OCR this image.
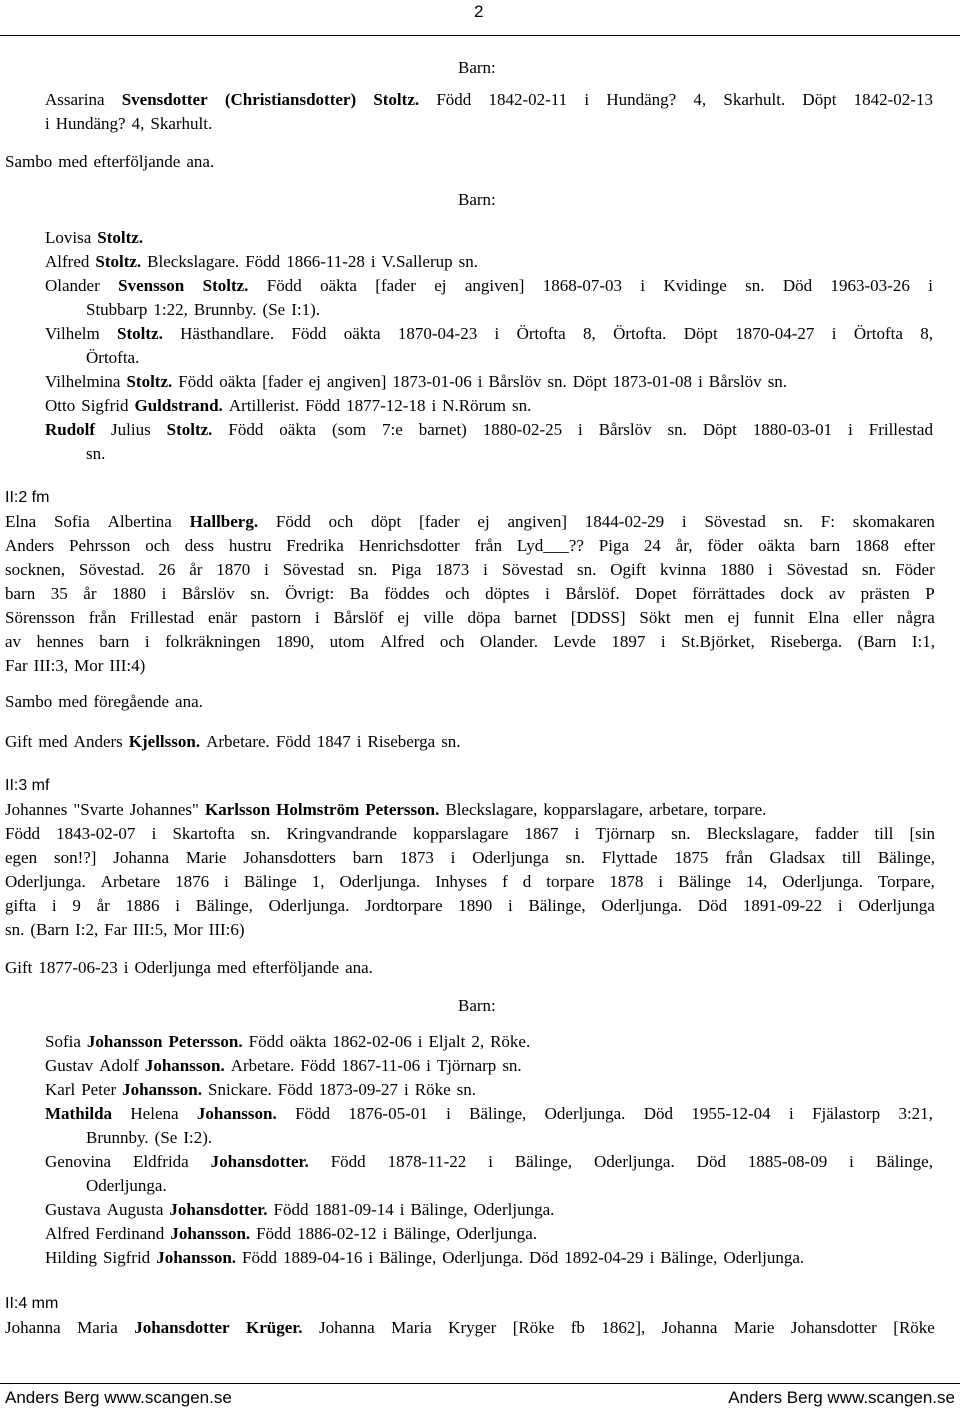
2
Barn:
Assarina Svensdotter (Christiansdotter) Stoltz. Född 1842-02-11 i Hundäng? 4, Skarhult. Döpt 1842-02-13
i Hundäng? 4, Skarhult.
Sambo med efterföljande ana.
Barn:
Lovisa Stoltz.
Alfred Stoltz. Bleckslagare. Född 1866-11-28 i V.Sallerup sn.
Olander Svensson Stoltz. Född oäkta [fader ej angiven] 1868-07-03 i Kvidinge sn. Död 1963-03-26 i
Stubbarp 1:22, Brunnby. (Se I:1).
Vilhelm Stoltz. Hästhandlare. Född oäkta 1870-04-23 i Örtofta 8, Örtofta. Döpt 1870-04-27 i Örtofta 8,
Örtofta.
Vilhelmina Stoltz. Född oäkta [fader ej angiven] 1873-01-06 i Bårslöv sn. Döpt 1873-01-08 i Bårslöv sn.
Otto Sigfrid Guldstrand. Artillerist. Född 1877-12-18 i N.Rörum sn.
Rudolf Julius Stoltz. Född oäkta (som 7:e barnet) 1880-02-25 i Bårslöv sn. Döpt 1880-03-01 i Frillestad
sn.
II:2 fm
Elna Sofia Albertina Hallberg. Född och döpt [fader ej angiven] 1844-02-29 i Sövestad sn. F: skomakaren
Anders Pehrsson och dess hustru Fredrika Henrichsdotter från Lyd___?? Piga 24 år, föder oäkta barn 1868 efter
socknen, Sövestad. 26 år 1870 i Sövestad sn. Piga 1873 i Sövestad sn. Ogift kvinna 1880 i Sövestad sn. Föder
barn 35 år 1880 i Bårslöv sn. Övrigt: Ba föddes och döptes i Bårslöf. Dopet förrättades dock av prästen P
Sörensson från Frillestad enär pastorn i Bårslöf ej ville döpa barnet [DDSS] Sökt men ej funnit Elna eller några
av hennes barn i folkräkningen 1890, utom Alfred och Olander. Levde 1897 i St.Björket, Riseberga. (Barn I:1,
Far III:3, Mor III:4)
Sambo med föregående ana.
Gift med Anders Kjellsson. Arbetare. Född 1847 i Riseberga sn.
II:3 mf
Johannes "Svarte Johannes" Karlsson Holmström Petersson. Bleckslagare, kopparslagare, arbetare, torpare.
Född 1843-02-07 i Skartofta sn. Kringvandrande kopparslagare 1867 i Tjörnarp sn. Bleckslagare, fadder till [sin
egen son!?] Johanna Marie Johansdotters barn 1873 i Oderljunga sn. Flyttade 1875 från Gladsax till Bälinge,
Oderljunga. Arbetare 1876 i Bälinge 1, Oderljunga. Inhyses f d torpare 1878 i Bälinge 14, Oderljunga. Torpare,
gifta i 9 år 1886 i Bälinge, Oderljunga. Jordtorpare 1890 i Bälinge, Oderljunga. Död 1891-09-22 i Oderljunga
sn. (Barn I:2, Far III:5, Mor III:6)
Gift 1877-06-23 i Oderljunga med efterföljande ana.
Barn:
Sofia Johansson Petersson. Född oäkta 1862-02-06 i Eljalt 2, Röke.
Gustav Adolf Johansson. Arbetare. Född 1867-11-06 i Tjörnarp sn.
Karl Peter Johansson. Snickare. Född 1873-09-27 i Röke sn.
Mathilda Helena Johansson. Född 1876-05-01 i Bälinge, Oderljunga. Död 1955-12-04 i Fjälastorp 3:21,
Brunnby. (Se I:2).
Genovina Eldfrida Johansdotter. Född 1878-11-22 i Bälinge, Oderljunga. Död 1885-08-09 i Bälinge,
Oderljunga.
Gustava Augusta Johansdotter. Född 1881-09-14 i Bälinge, Oderljunga.
Alfred Ferdinand Johansson. Född 1886-02-12 i Bälinge, Oderljunga.
Hilding Sigfrid Johansson. Född 1889-04-16 i Bälinge, Oderljunga. Död 1892-04-29 i Bälinge, Oderljunga.
II:4 mm
Johanna Maria Johansdotter Krüger. Johanna Maria Kryger [Röke fb 1862], Johanna Marie Johansdotter [Röke
Anders Berg www.scangen.se	Anders Berg www.scangen.se
